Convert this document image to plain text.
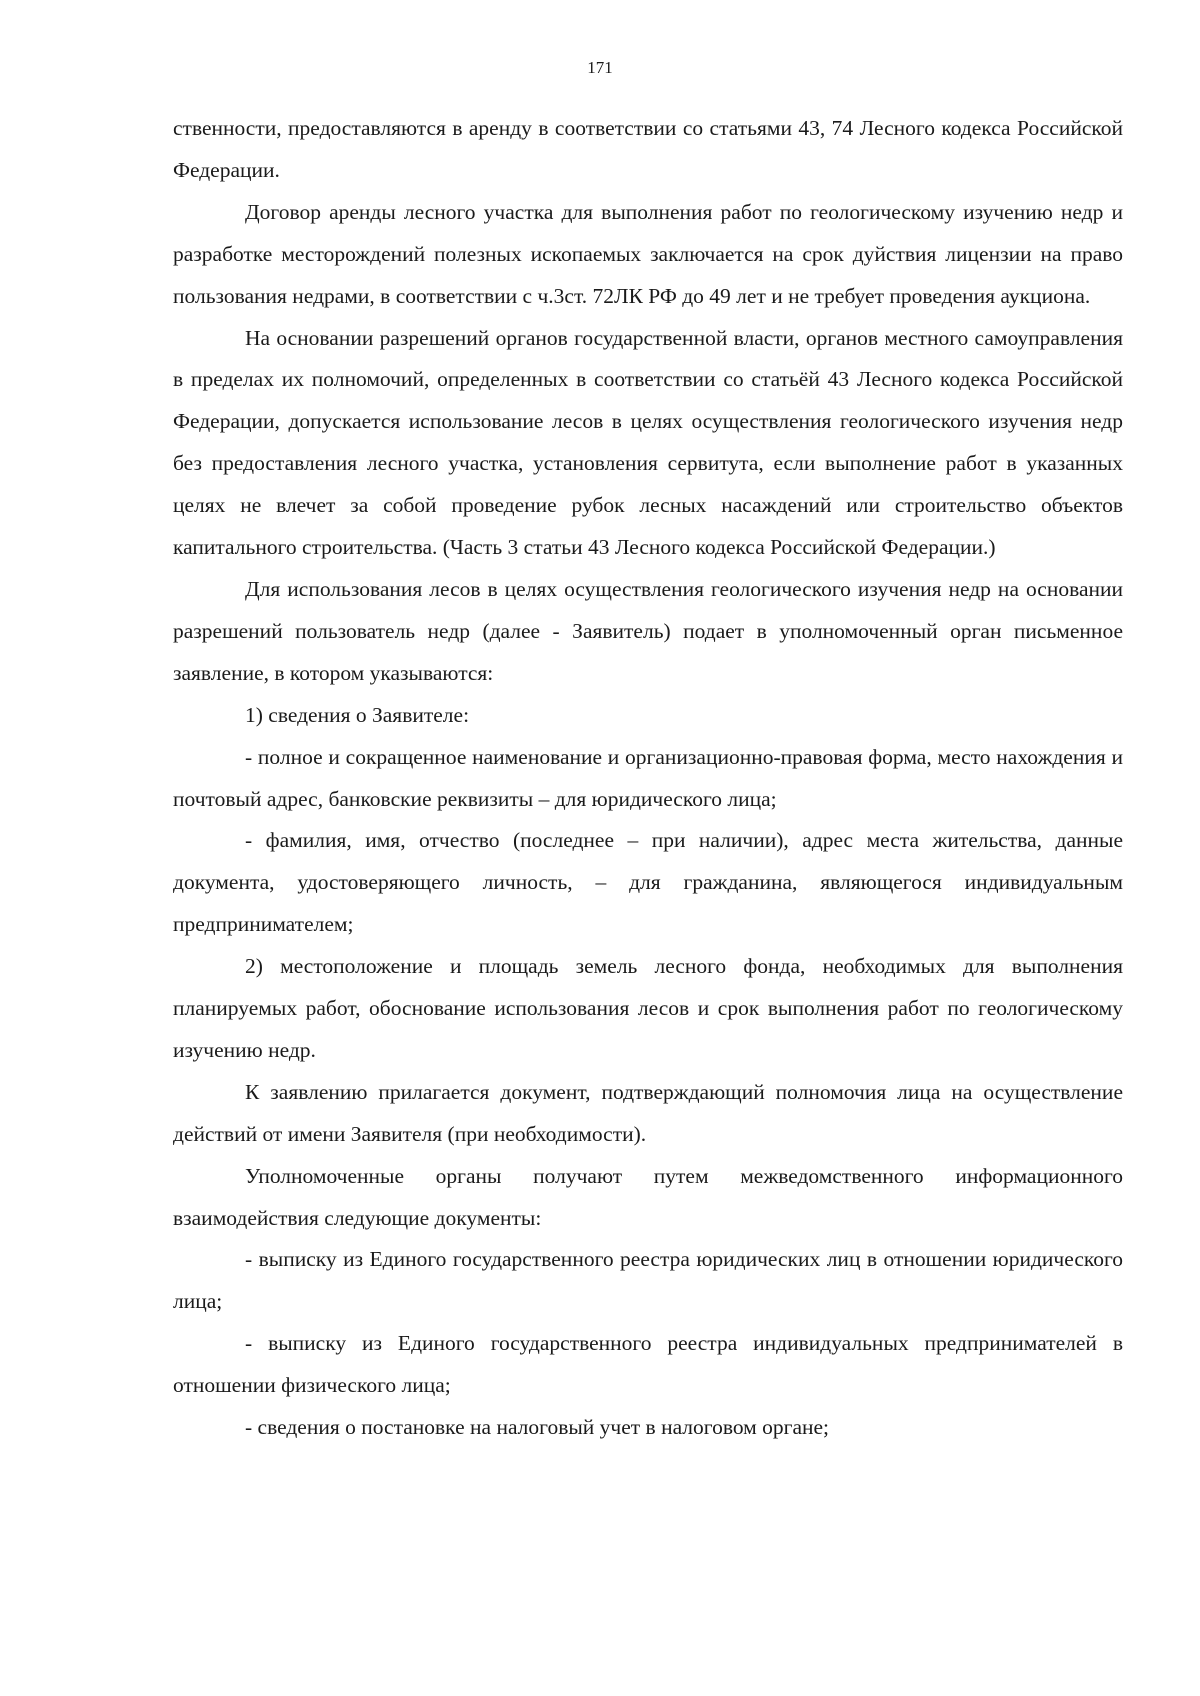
171

ственности, предоставляются в аренду в соответствии со статьями 43, 74 Лесного кодекса Российской Федерации.

Договор аренды лесного участка для выполнения работ по геологическому изучению недр и разработке месторождений полезных ископаемых заключается на срок дуйствия лицензии на право пользования недрами, в соответствии с ч.3ст. 72ЛК РФ до 49 лет и не требует проведения аукциона.

На основании разрешений органов государственной власти, органов местного самоуправления в пределах их полномочий, определенных в соответствии со статьёй 43 Лесного кодекса Российской Федерации, допускается использование лесов в целях осуществления геологического изучения недр без предоставления лесного участка, установления сервитута, если выполнение работ в указанных целях не влечет за собой проведение рубок лесных насаждений или строительство объектов капитального строительства. (Часть 3 статьи 43 Лесного кодекса Российской Федерации.)

Для использования лесов в целях осуществления геологического изучения недр на основании разрешений пользователь недр (далее - Заявитель) подает в уполномоченный орган письменное заявление, в котором указываются:

1) сведения о Заявителе:

- полное и сокращенное наименование и организационно-правовая форма, место нахождения и почтовый адрес, банковские реквизиты – для юридического лица;

- фамилия, имя, отчество (последнее – при наличии), адрес места жительства, данные документа, удостоверяющего личность, – для гражданина, являющегося индивидуальным предпринимателем;

2) местоположение и площадь земель лесного фонда, необходимых для выполнения планируемых работ, обоснование использования лесов и срок выполнения работ по геологическому изучению недр.

К заявлению прилагается документ, подтверждающий полномочия лица на осуществление действий от имени Заявителя (при необходимости).

Уполномоченные органы получают путем межведомственного информационного взаимодействия следующие документы:

- выписку из Единого государственного реестра юридических лиц в отношении юридического лица;

- выписку из Единого государственного реестра индивидуальных предпринимателей в отношении физического лица;

- сведения о постановке на налоговый учет в налоговом органе;
